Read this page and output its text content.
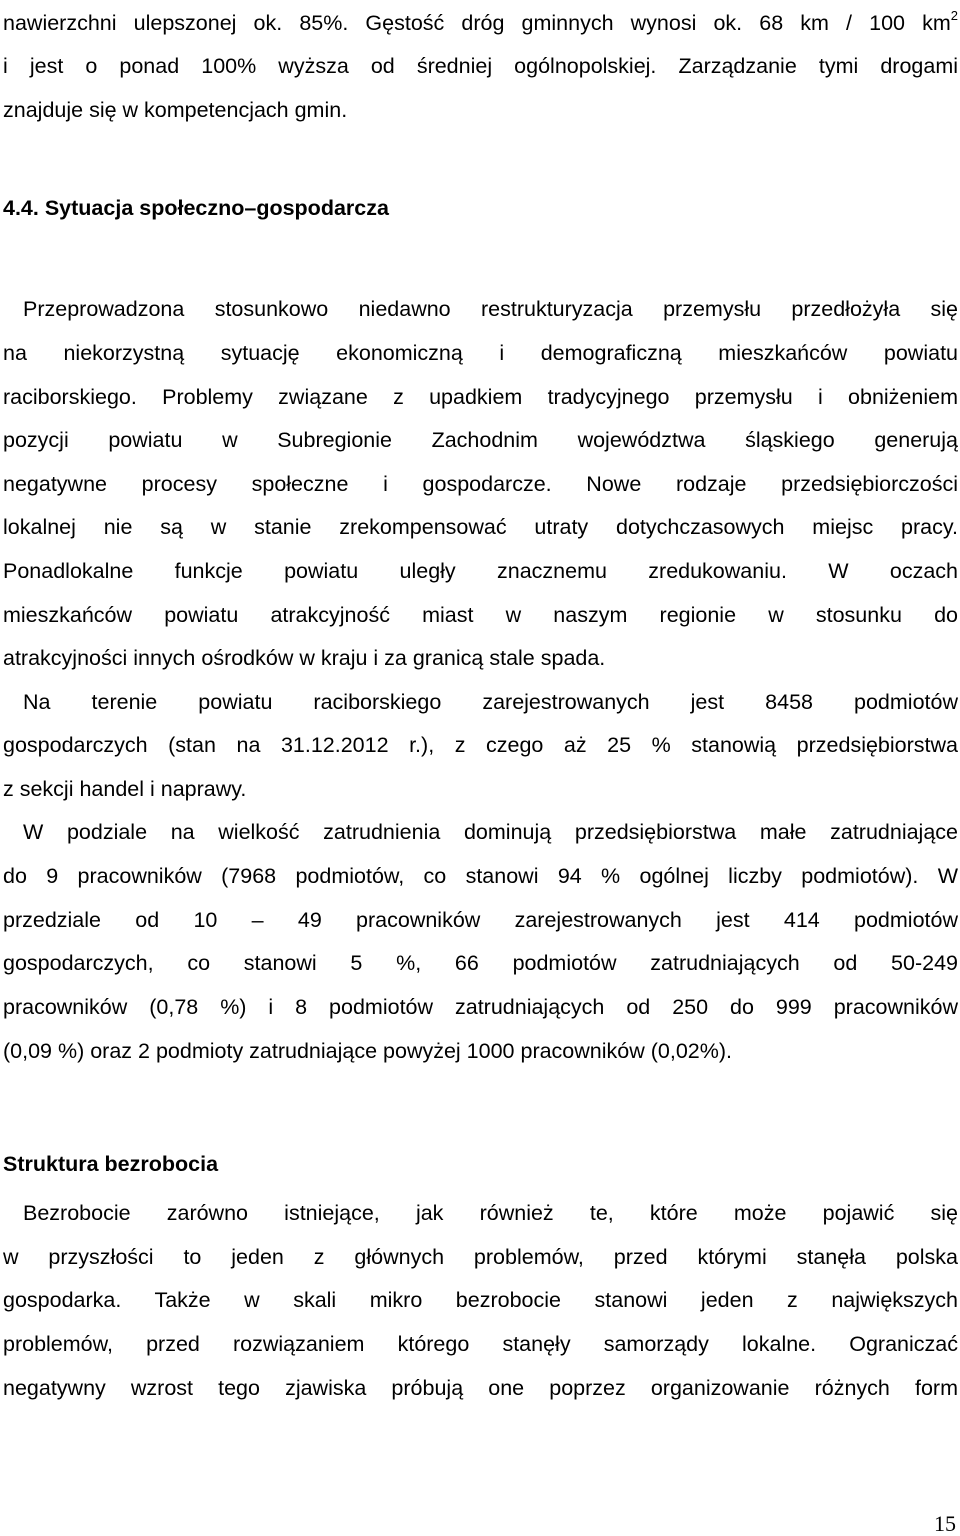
nawierzchni ulepszonej ok. 85%. Gęstość dróg gminnych wynosi ok. 68 km / 100 $km^2$

i jest o ponad 100% wyższa od średniej ogólnopolskiej. Zarządzanie tymi drogami

znajduje się w kompetencjach gmin.

4.4. Sytuacja społeczno–gospodarcza

Przeprowadzona stosunkowo niedawno restrukturyzacja przemysłu przedłożyła się

na niekorzystną sytuację ekonomiczną i demograficzną mieszkańców powiatu

raciborskiego. Problemy związane z upadkiem tradycyjnego przemysłu i obniżeniem

pozycji powiatu w Subregionie Zachodnim województwa śląskiego generują

negatywne procesy społeczne i gospodarcze. Nowe rodzaje przedsiębiorczości

lokalnej nie są w stanie zrekompensować utraty dotychczasowych miejsc pracy.

Ponadlokalne funkcje powiatu uległy znacznemu zredukowaniu. W oczach

mieszkańców powiatu atrakcyjność miast w naszym regionie w stosunku do

atrakcyjności innych ośrodków w kraju i za granicą stale spada.

Na terenie powiatu raciborskiego zarejestrowanych jest 8458 podmiotów

gospodarczych (stan na 31.12.2012 r.), z czego aż 25 % stanowią przedsiębiorstwa

z sekcji handel i naprawy.

W podziale na wielkość zatrudnienia dominują przedsiębiorstwa małe zatrudniające

do 9 pracowników (7968 podmiotów, co stanowi 94 % ogólnej liczby podmiotów). W

przedziale od 10 – 49 pracowników zarejestrowanych jest 414 podmiotów

gospodarczych, co stanowi 5 %, 66 podmiotów zatrudniających od 50-249

pracowników (0,78 %) i 8 podmiotów zatrudniających od 250 do 999 pracowników

(0,09 %) oraz 2 podmioty zatrudniające powyżej 1000 pracowników (0,02%).

Struktura bezrobocia

Bezrobocie zarówno istniejące, jak również te, które może pojawić się

w przyszłości to jeden z głównych problemów, przed którymi stanęła polska

gospodarka. Także w skali mikro bezrobocie stanowi jeden z największych

problemów, przed rozwiązaniem którego stanęły samorządy lokalne. Ograniczać

negatywny wzrost tego zjawiska próbują one poprzez organizowanie różnych form

15
